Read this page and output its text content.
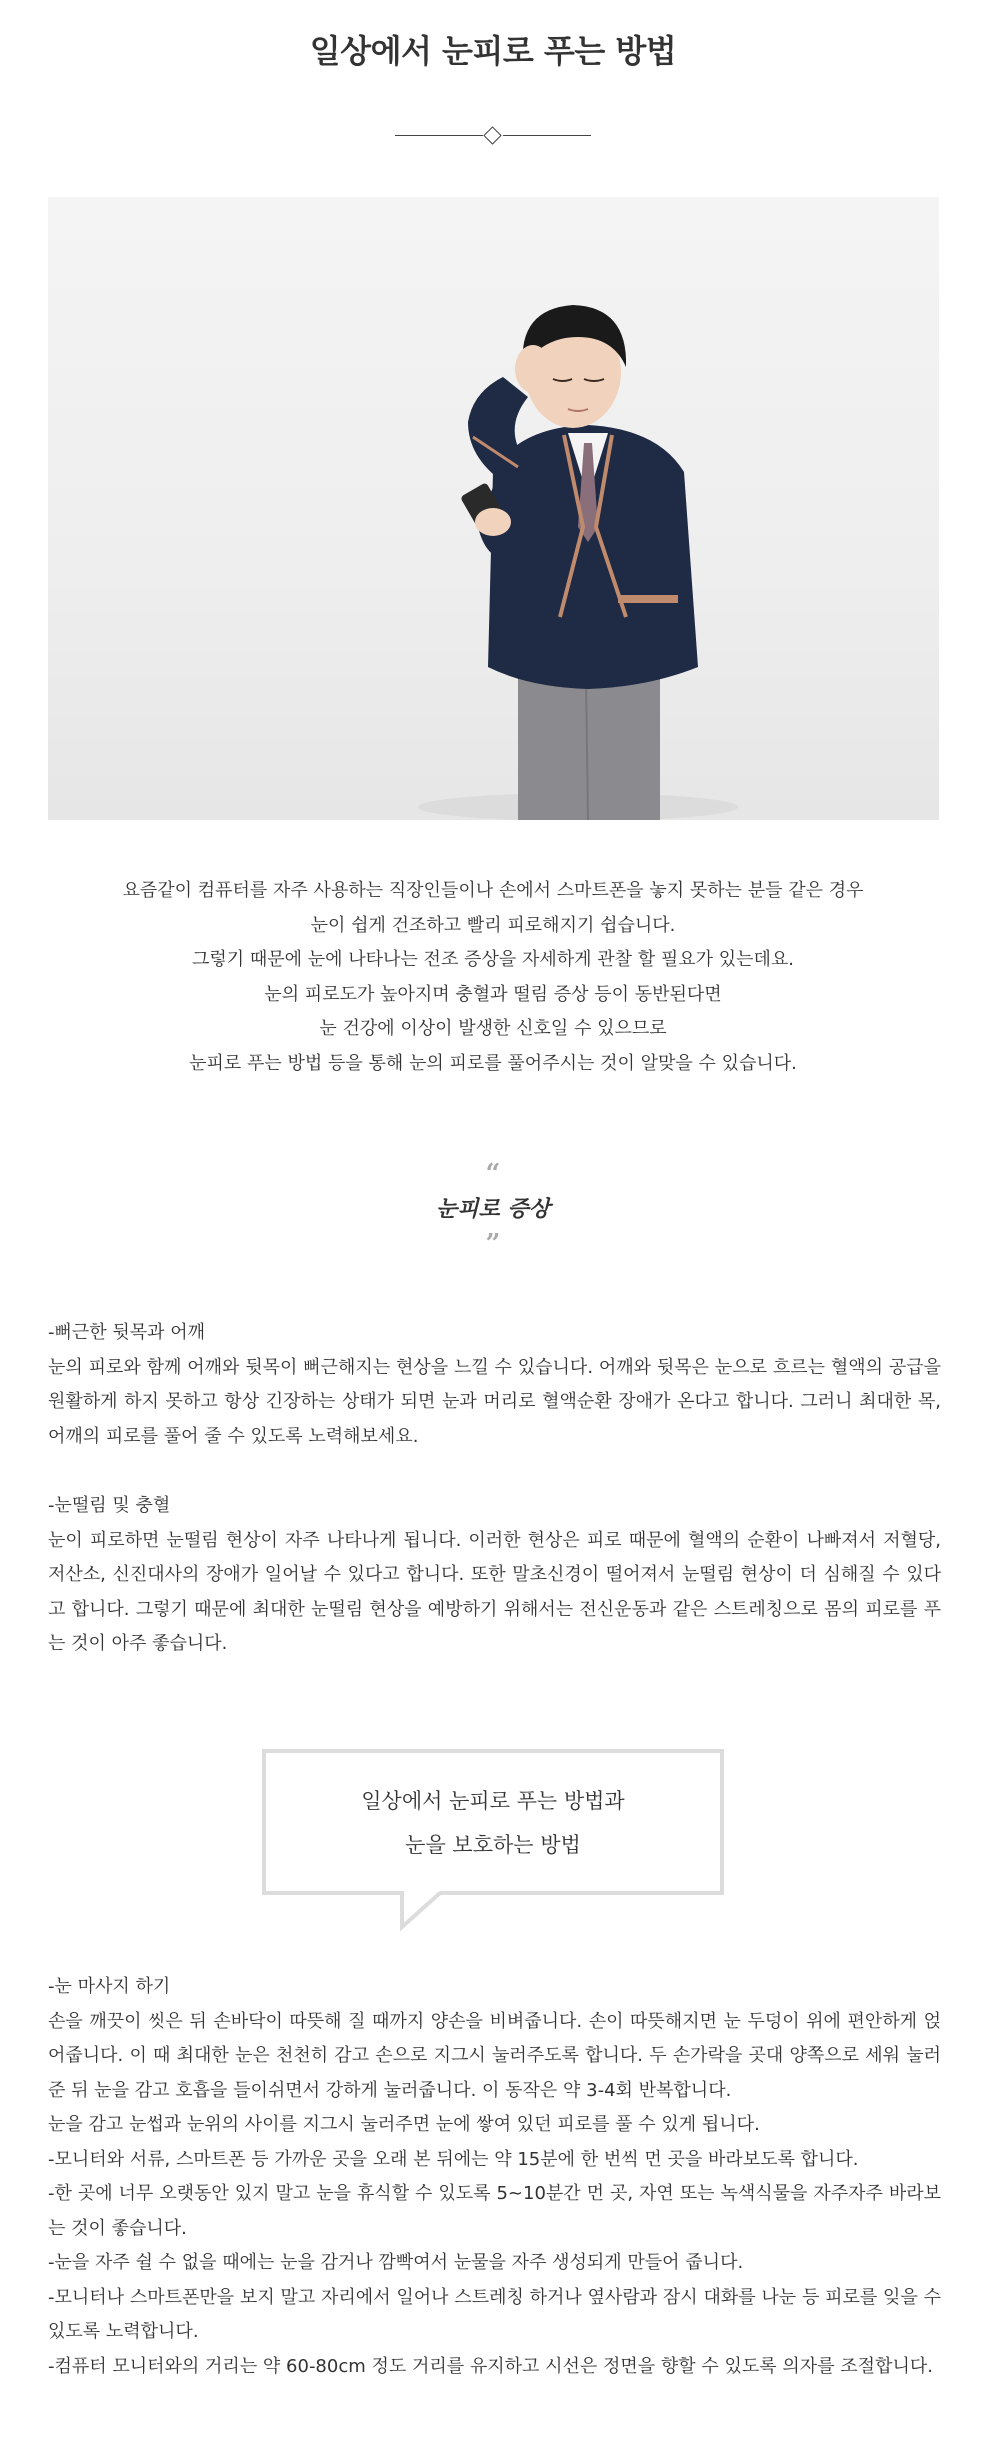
일상에서 눈피로 푸는 방법
요즘같이 컴퓨터를 자주 사용하는 직장인들이나 손에서 스마트폰을 놓지 못하는 분들 같은 경우
눈이 쉽게 건조하고 빨리 피로해지기 쉽습니다.
그렇기 때문에 눈에 나타나는 전조 증상을 자세하게 관찰 할 필요가 있는데요.
눈의 피로도가 높아지며 충혈과 떨림 증상 등이 동반된다면
눈 건강에 이상이 발생한 신호일 수 있으므로
눈피로 푸는 방법 등을 통해 눈의 피로를 풀어주시는 것이 알맞을 수 있습니다.
“
눈피로 증상
”

-뻐근한 뒷목과 어깨

눈의 피로와 함께 어깨와 뒷목이 뻐근해지는 현상을 느낄 수 있습니다. 어깨와 뒷목은 눈으로 흐르는 혈액의 공급을 원활하게 하지 못하고 항상 긴장하는 상태가 되면 눈과 머리로 혈액순환 장애가 온다고 합니다. 그러니 최대한 목, 어깨의 피로를 풀어 줄 수 있도록 노력해보세요.

-눈떨림 및 충혈

눈이 피로하면 눈떨림 현상이 자주 나타나게 됩니다. 이러한 현상은 피로 때문에 혈액의 순환이 나빠져서 저혈당, 저산소, 신진대사의 장애가 일어날 수 있다고 합니다. 또한 말초신경이 떨어져서 눈떨림 현상이 더 심해질 수 있다고 합니다. 그렇기 때문에 최대한 눈떨림 현상을 예방하기 위해서는 전신운동과 같은 스트레칭으로 몸의 피로를 푸는 것이 아주 좋습니다.

일상에서 눈피로 푸는 방법과
눈을 보호하는 방법

-눈 마사지 하기

손을 깨끗이 씻은 뒤 손바닥이 따뜻해 질 때까지 양손을 비벼줍니다. 손이 따뜻해지면 눈 두덩이 위에 편안하게 얹어줍니다. 이 때 최대한 눈은 천천히 감고 손으로 지그시 눌러주도록 합니다. 두 손가락을 곳대 양쪽으로 세워 눌러준 뒤 눈을 감고 호흡을 들이쉬면서 강하게 눌러줍니다. 이 동작은 약 3-4회 반복합니다.

눈을 감고 눈썹과 눈위의 사이를 지그시 눌러주면 눈에 쌓여 있던 피로를 풀 수 있게 됩니다.

-모니터와 서류, 스마트폰 등 가까운 곳을 오래 본 뒤에는 약 15분에 한 번씩 먼 곳을 바라보도록 합니다.

-한 곳에 너무 오랫동안 있지 말고 눈을 휴식할 수 있도록 5~10분간 먼 곳, 자연 또는 녹색식물을 자주자주 바라보는 것이 좋습니다.

-눈을 자주 쉴 수 없을 때에는 눈을 감거나 깜빡여서 눈물을 자주 생성되게 만들어 줍니다.

-모니터나 스마트폰만을 보지 말고 자리에서 일어나 스트레칭 하거나 옆사람과 잠시 대화를 나눈 등 피로를 잊을 수 있도록 노력합니다.

-컴퓨터 모니터와의 거리는 약 60-80cm 정도 거리를 유지하고 시선은 정면을 향할 수 있도록 의자를 조절합니다.
